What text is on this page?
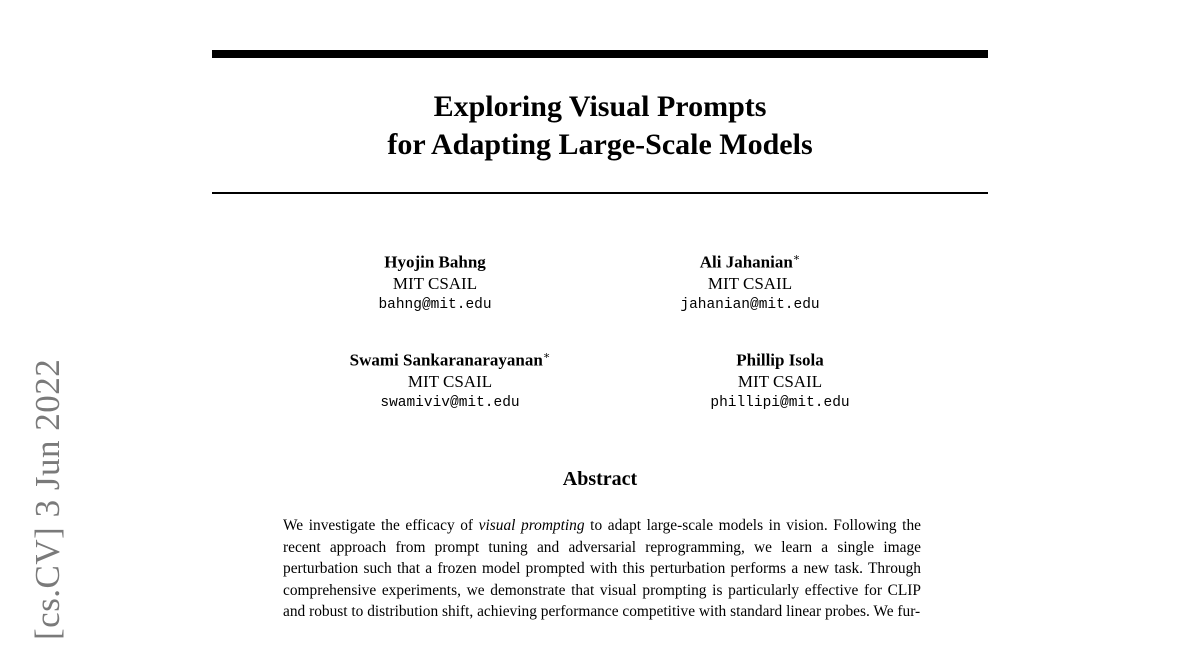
[cs.CV] 3 Jun 2022
Exploring Visual Prompts
for Adapting Large-Scale Models
Hyojin Bahng
MIT CSAIL
bahng@mit.edu
Ali Jahanian∗
MIT CSAIL
jahanian@mit.edu
Swami Sankaranarayanan∗
MIT CSAIL
swamiviv@mit.edu
Phillip Isola
MIT CSAIL
phillipi@mit.edu
Abstract
We investigate the efficacy of visual prompting to adapt large-scale models in vision. Following the recent approach from prompt tuning and adversarial reprogramming, we learn a single image perturbation such that a frozen model prompted with this perturbation performs a new task. Through comprehensive experiments, we demonstrate that visual prompting is particularly effective for CLIP and robust to distribution shift, achieving performance competitive with standard linear probes. We fur-
